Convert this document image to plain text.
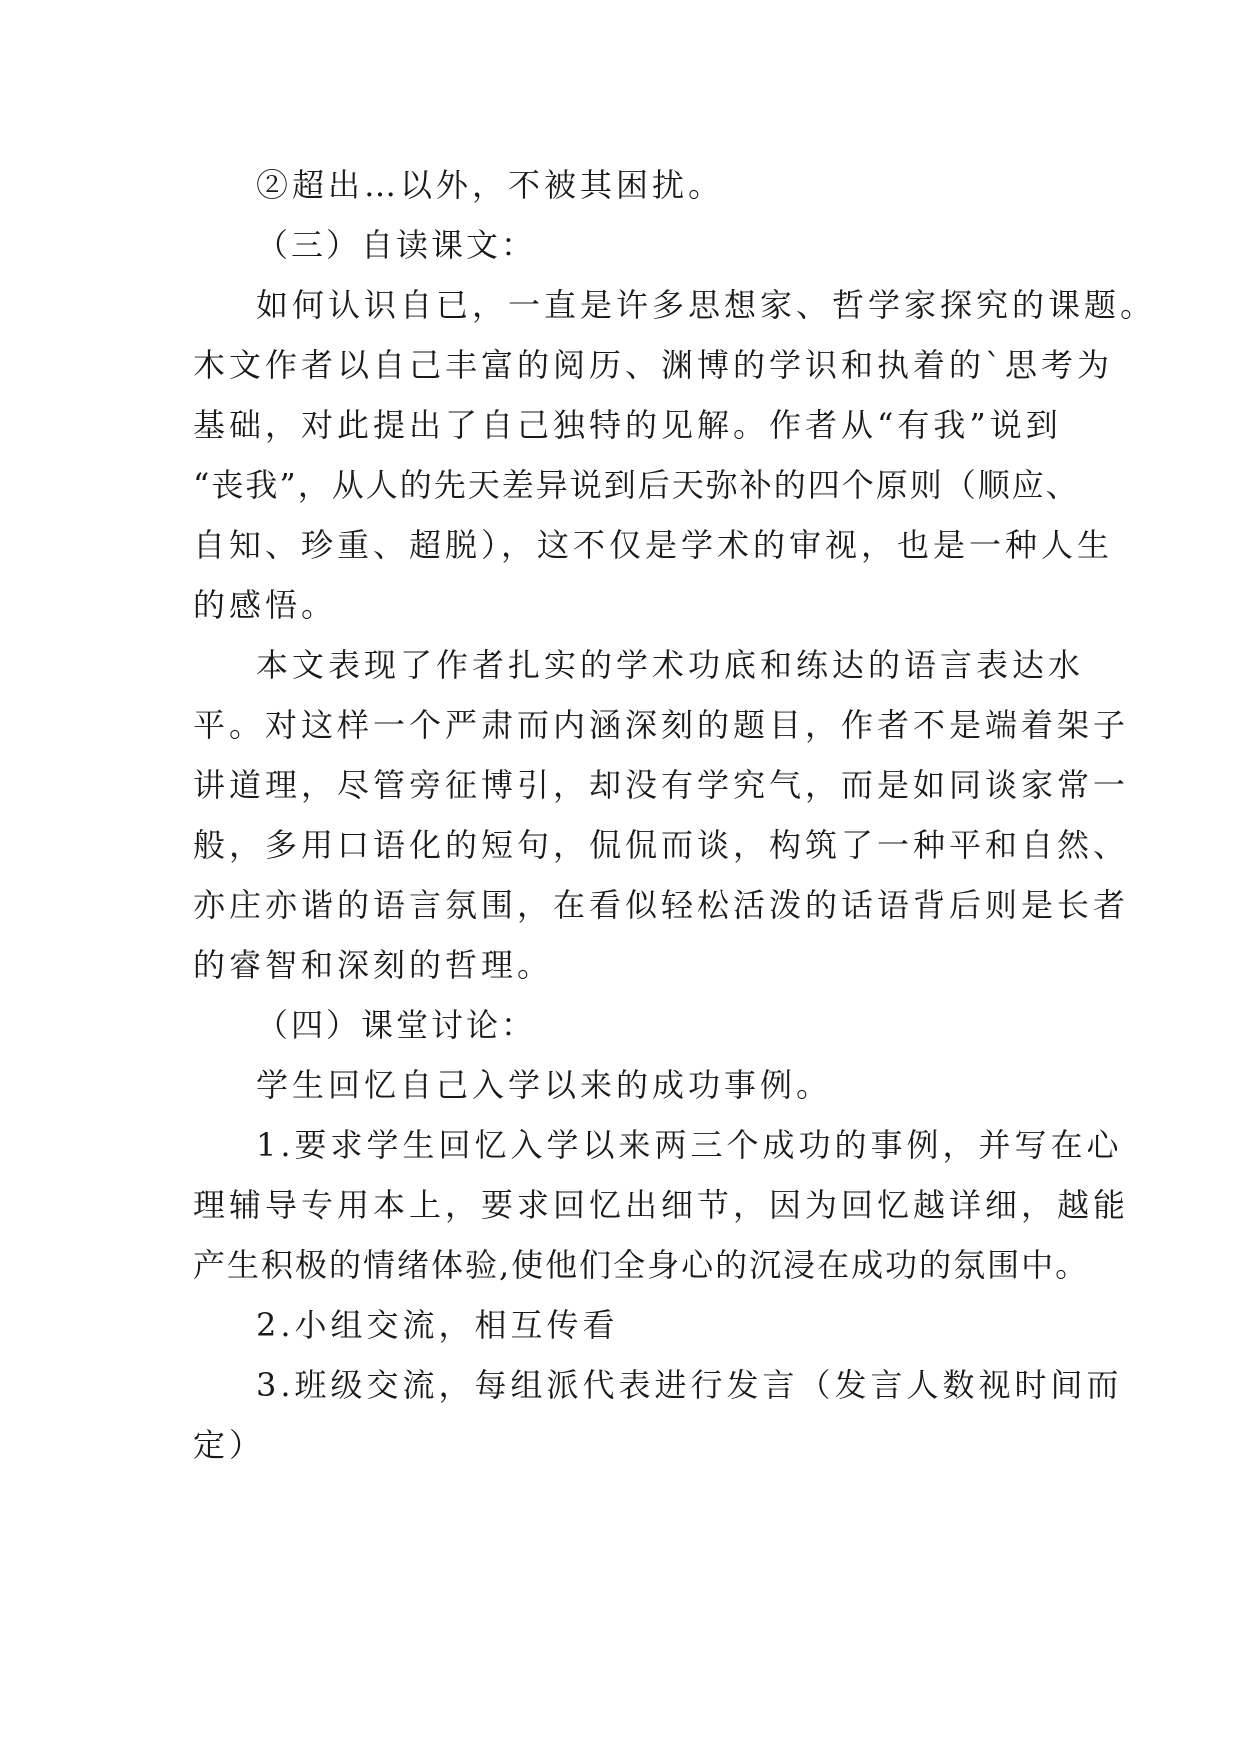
②超出…以外，不被其困扰。
（三）自读课文：
如何认识自已，一直是许多思想家、哲学家探究的课题。
木文作者以自己丰富的阅历、渊博的学识和执着的`思考为
基础，对此提出了自己独特的见解。作者从“有我”说到
“丧我”，从人的先天差异说到后天弥补的四个原则（顺应、
自知、珍重、超脱），这不仅是学术的审视，也是一种人生
的感悟。
本文表现了作者扎实的学术功底和练达的语言表达水
平。对这样一个严肃而内涵深刻的题目，作者不是端着架子
讲道理，尽管旁征博引，却没有学究气，而是如同谈家常一
般，多用口语化的短句，侃侃而谈，构筑了一种平和自然、
亦庄亦谐的语言氛围，在看似轻松活泼的话语背后则是长者
的睿智和深刻的哲理。
（四）课堂讨论：
学生回忆自己入学以来的成功事例。
1.要求学生回忆入学以来两三个成功的事例，并写在心
理辅导专用本上，要求回忆出细节，因为回忆越详细，越能
产生积极的情绪体验,使他们全身心的沉浸在成功的氛围中。
2.小组交流，相互传看
3.班级交流，每组派代表进行发言（发言人数视时间而
定）
